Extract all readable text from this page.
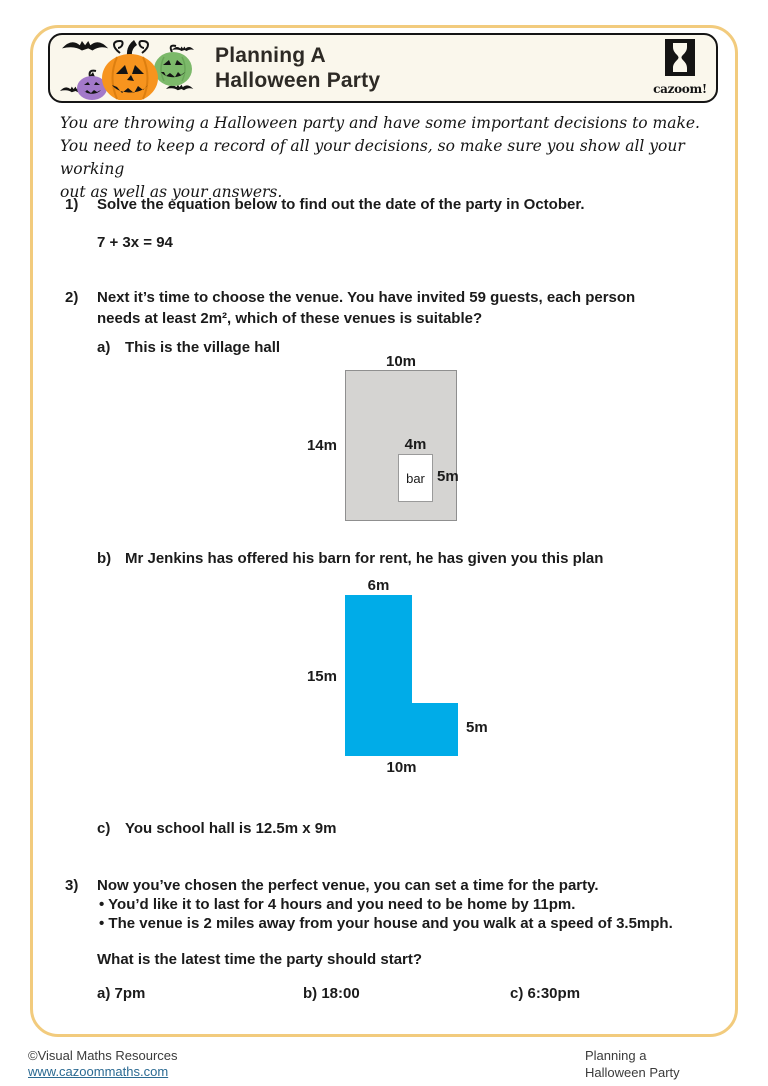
Planning A
Halloween Party	cazoom!
You are throwing a Halloween party and have some important decisions to make.
You need to keep a record of all your decisions, so make sure you show all your working
out as well as your answers.
1) Solve the equation below to find out the date of the party in October.
7 + 3x = 94
2) Next it’s time to choose the venue. You have invited 59 guests, each person
needs at least 2m², which of these venues is suitable?
a) This is the village hall
10m
14m	4m
bar 5m
b) Mr Jenkins has offered his barn for rent, he has given you this plan
6m
15m
5m
10m
c) You school hall is 12.5m x 9m
3) Now you’ve chosen the perfect venue, you can set a time for the party.
• You’d like it to last for 4 hours and you need to be home by 11pm.
• The venue is 2 miles away from your house and you walk at a speed of 3.5mph.
What is the latest time the party should start?
a) 7pm	b) 18:00	c) 6:30pm
©Visual Maths Resources
www.cazoommaths.com
Planning a
Halloween Party
